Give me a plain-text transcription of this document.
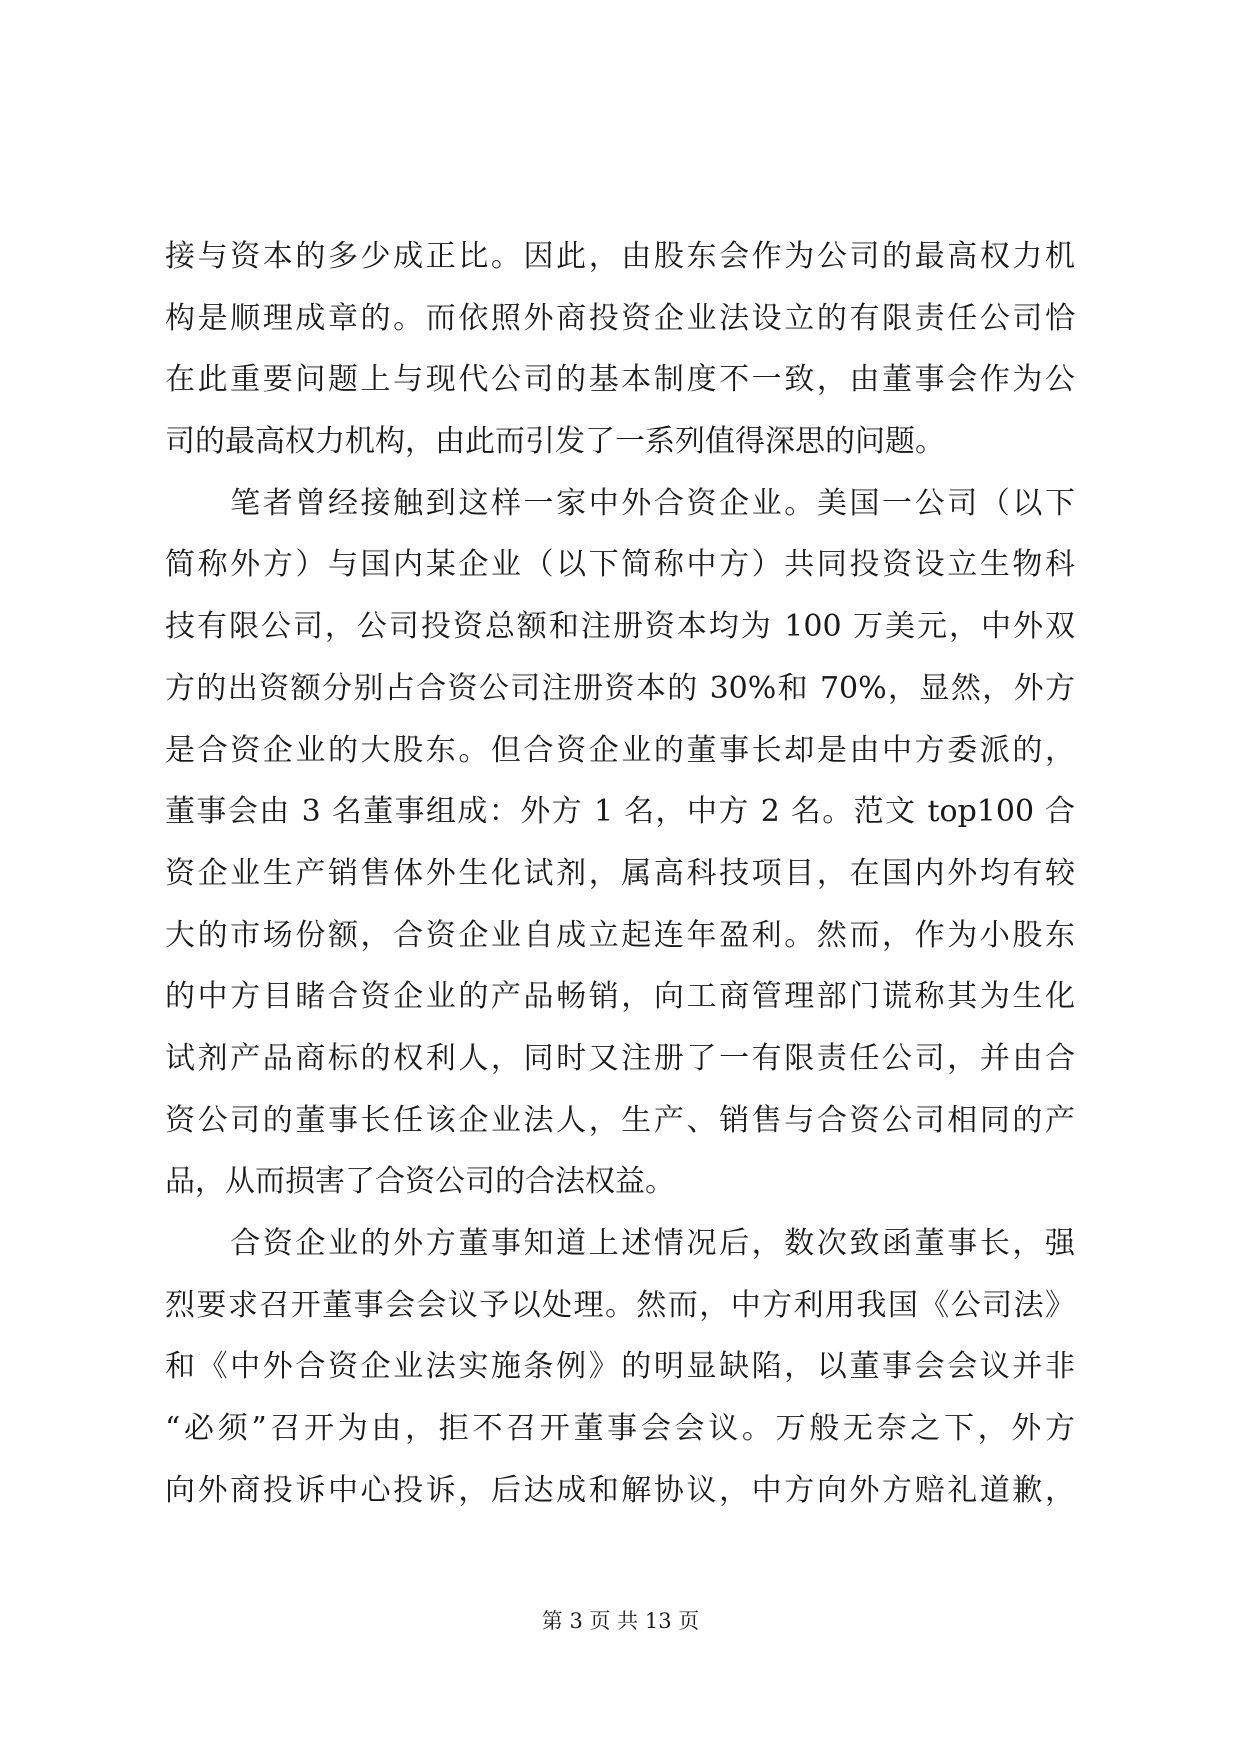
接与资本的多少成正比。因此，由股东会作为公司的最高权力机
构是顺理成章的。而依照外商投资企业法设立的有限责任公司恰
在此重要问题上与现代公司的基本制度不一致，由董事会作为公
司的最高权力机构，由此而引发了一系列值得深思的问题。
　　笔者曾经接触到这样一家中外合资企业。美国一公司（以下
简称外方）与国内某企业（以下简称中方）共同投资设立生物科
技有限公司，公司投资总额和注册资本均为 100 万美元，中外双
方的出资额分别占合资公司注册资本的 30%和 70%，显然，外方
是合资企业的大股东。但合资企业的董事长却是由中方委派的，
董事会由 3 名董事组成：外方 1 名，中方 2 名。范文 top100 合
资企业生产销售体外生化试剂，属高科技项目，在国内外均有较
大的市场份额，合资企业自成立起连年盈利。然而，作为小股东
的中方目睹合资企业的产品畅销，向工商管理部门谎称其为生化
试剂产品商标的权利人，同时又注册了一有限责任公司，并由合
资公司的董事长任该企业法人，生产、销售与合资公司相同的产
品，从而损害了合资公司的合法权益。
　　合资企业的外方董事知道上述情况后，数次致函董事长，强
烈要求召开董事会会议予以处理。然而，中方利用我国《公司法》
和《中外合资企业法实施条例》的明显缺陷，以董事会会议并非
“必须”召开为由，拒不召开董事会会议。万般无奈之下，外方
向外商投诉中心投诉，后达成和解协议，中方向外方赔礼道歉，
第 3 页 共 13 页
